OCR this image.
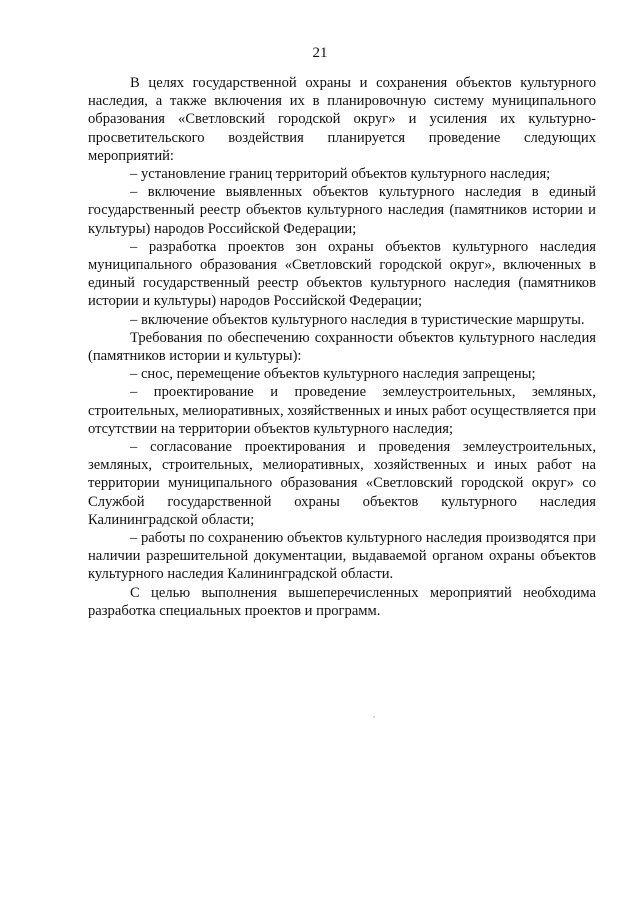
21

В целях государственной охраны и сохранения объектов культурного наследия, а также включения их в планировочную систему муниципального образования «Светловский городской округ» и усиления их культурно-просветительского воздействия планируется проведение следующих мероприятий:

– установление границ территорий объектов культурного наследия;

– включение выявленных объектов культурного наследия в единый государственный реестр объектов культурного наследия (памятников истории и культуры) народов Российской Федерации;

– разработка проектов зон охраны объектов культурного наследия муниципального образования «Светловский городской округ», включенных в единый государственный реестр объектов культурного наследия (памятников истории и культуры) народов Российской Федерации;

– включение объектов культурного наследия в туристические маршруты.

Требования по обеспечению сохранности объектов культурного наследия (памятников истории и культуры):

– снос, перемещение объектов культурного наследия запрещены;

– проектирование и проведение землеустроительных, земляных, строительных, мелиоративных, хозяйственных и иных работ осуществляется при отсутствии на территории объектов культурного наследия;

– согласование проектирования и проведения землеустроительных, земляных, строительных, мелиоративных, хозяйственных и иных работ на территории муниципального образования «Светловский городской округ» со Службой государственной охраны объектов культурного наследия Калининградской области;

– работы по сохранению объектов культурного наследия производятся при наличии разрешительной документации, выдаваемой органом охраны объектов культурного наследия Калининградской области.

С целью выполнения вышеперечисленных мероприятий необходима разработка специальных проектов и программ.
